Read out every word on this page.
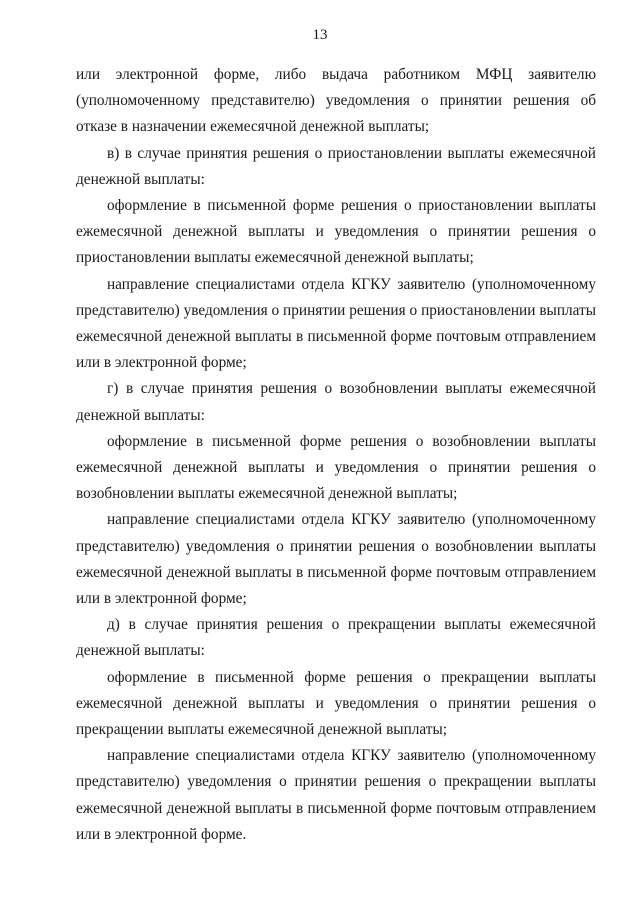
13

или электронной форме, либо выдача работником МФЦ заявителю (уполномоченному представителю) уведомления о принятии решения об отказе в назначении ежемесячной денежной выплаты;

в) в случае принятия решения о приостановлении выплаты ежемесячной денежной выплаты:

оформление в письменной форме решения о приостановлении выплаты ежемесячной денежной выплаты и уведомления о принятии решения о приостановлении выплаты ежемесячной денежной выплаты;

направление специалистами отдела КГКУ заявителю (уполномоченному представителю) уведомления о принятии решения о приостановлении выплаты ежемесячной денежной выплаты в письменной форме почтовым отправлением или в электронной форме;

г) в случае принятия решения о возобновлении выплаты ежемесячной денежной выплаты:

оформление в письменной форме решения о возобновлении выплаты ежемесячной денежной выплаты и уведомления о принятии решения о возобновлении выплаты ежемесячной денежной выплаты;

направление специалистами отдела КГКУ заявителю (уполномоченному представителю) уведомления о принятии решения о возобновлении выплаты ежемесячной денежной выплаты в письменной форме почтовым отправлением или в электронной форме;

д) в случае принятия решения о прекращении выплаты ежемесячной денежной выплаты:

оформление в письменной форме решения о прекращении выплаты ежемесячной денежной выплаты и уведомления о принятии решения о прекращении выплаты ежемесячной денежной выплаты;

направление специалистами отдела КГКУ заявителю (уполномоченному представителю) уведомления о принятии решения о прекращении выплаты ежемесячной денежной выплаты в письменной форме почтовым отправлением или в электронной форме.
